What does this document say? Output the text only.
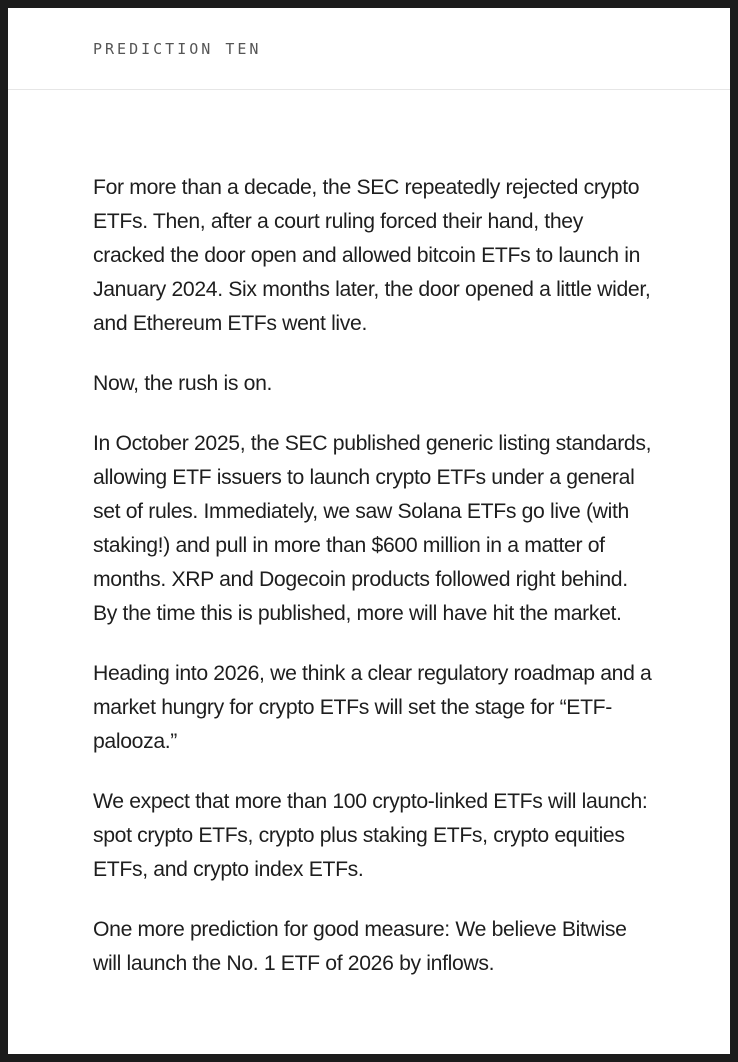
PREDICTION TEN

For more than a decade, the SEC repeatedly rejected crypto ETFs. Then, after a court ruling forced their hand, they cracked the door open and allowed bitcoin ETFs to launch in January 2024. Six months later, the door opened a little wider, and Ethereum ETFs went live.

Now, the rush is on.

In October 2025, the SEC published generic listing standards, allowing ETF issuers to launch crypto ETFs under a general set of rules. Immediately, we saw Solana ETFs go live (with staking!) and pull in more than $600 million in a matter of months. XRP and Dogecoin products followed right behind. By the time this is published, more will have hit the market.

Heading into 2026, we think a clear regulatory roadmap and a market hungry for crypto ETFs will set the stage for “ETF-palooza.”

We expect that more than 100 crypto-linked ETFs will launch: spot crypto ETFs, crypto plus staking ETFs, crypto equities ETFs, and crypto index ETFs.

One more prediction for good measure: We believe Bitwise will launch the No. 1 ETF of 2026 by inflows.
